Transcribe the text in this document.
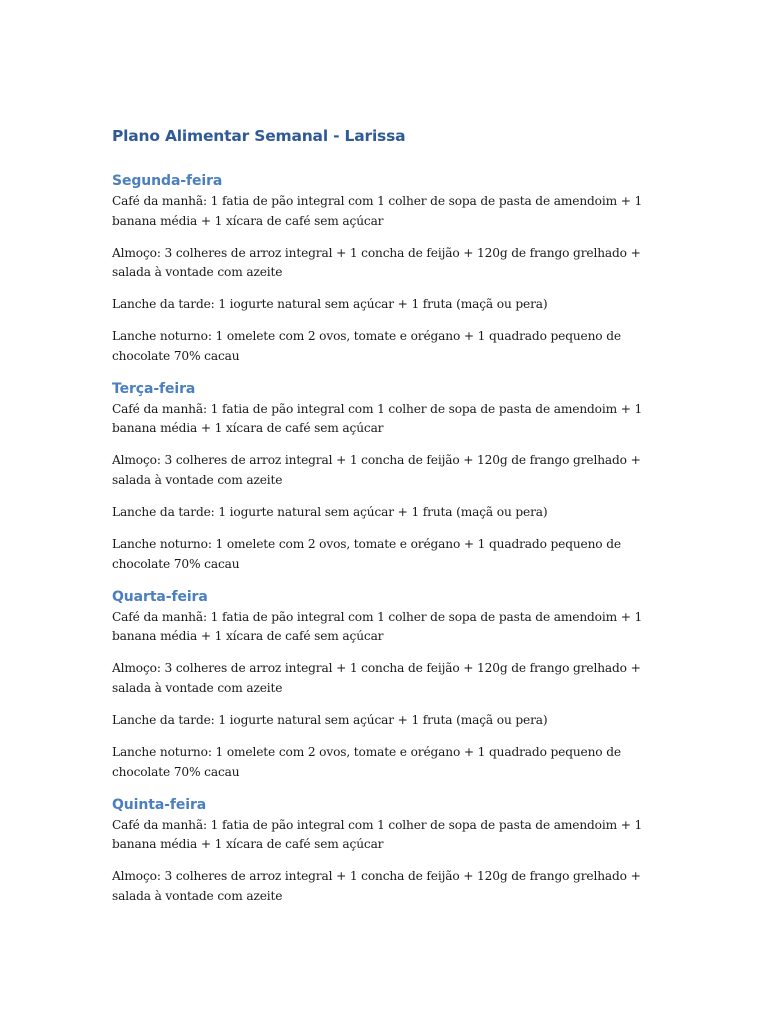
Plano Alimentar Semanal - Larissa
Segunda-feira

Café da manhã: 1 fatia de pão integral com 1 colher de sopa de pasta de amendoim + 1 banana média + 1 xícara de café sem açúcar

Almoço: 3 colheres de arroz integral + 1 concha de feijão + 120g de frango grelhado + salada à vontade com azeite

Lanche da tarde: 1 iogurte natural sem açúcar + 1 fruta (maçã ou pera)

Lanche noturno: 1 omelete com 2 ovos, tomate e orégano + 1 quadrado pequeno de chocolate 70% cacau

Terça-feira

Café da manhã: 1 fatia de pão integral com 1 colher de sopa de pasta de amendoim + 1 banana média + 1 xícara de café sem açúcar

Almoço: 3 colheres de arroz integral + 1 concha de feijão + 120g de frango grelhado + salada à vontade com azeite

Lanche da tarde: 1 iogurte natural sem açúcar + 1 fruta (maçã ou pera)

Lanche noturno: 1 omelete com 2 ovos, tomate e orégano + 1 quadrado pequeno de chocolate 70% cacau

Quarta-feira

Café da manhã: 1 fatia de pão integral com 1 colher de sopa de pasta de amendoim + 1 banana média + 1 xícara de café sem açúcar

Almoço: 3 colheres de arroz integral + 1 concha de feijão + 120g de frango grelhado + salada à vontade com azeite

Lanche da tarde: 1 iogurte natural sem açúcar + 1 fruta (maçã ou pera)

Lanche noturno: 1 omelete com 2 ovos, tomate e orégano + 1 quadrado pequeno de chocolate 70% cacau

Quinta-feira

Café da manhã: 1 fatia de pão integral com 1 colher de sopa de pasta de amendoim + 1 banana média + 1 xícara de café sem açúcar

Almoço: 3 colheres de arroz integral + 1 concha de feijão + 120g de frango grelhado + salada à vontade com azeite
